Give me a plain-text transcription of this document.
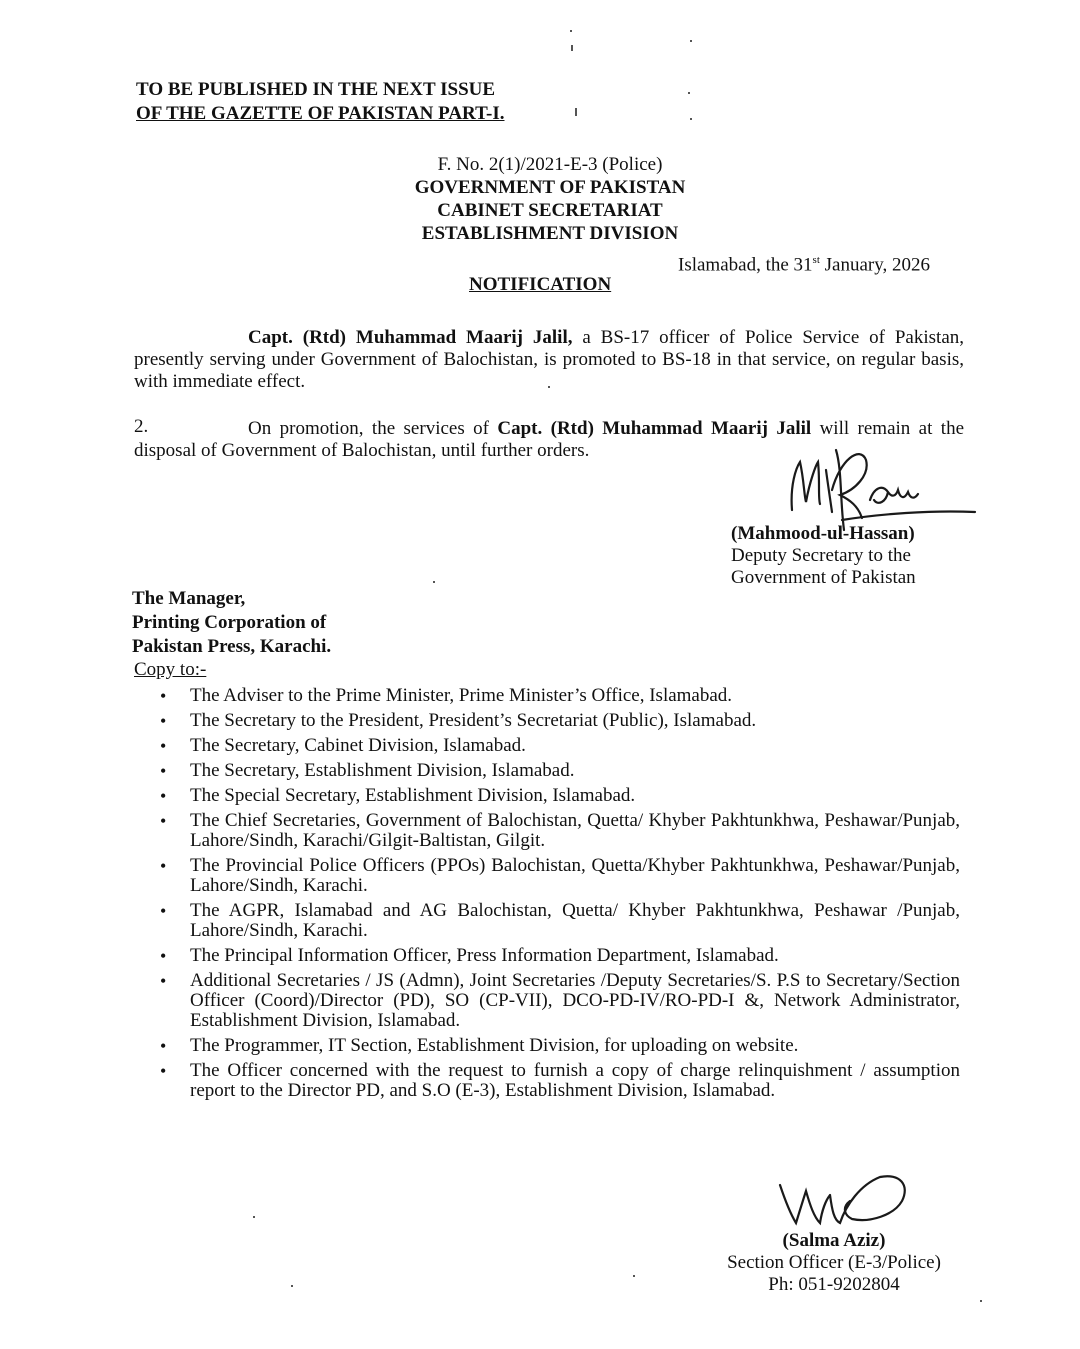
TO BE PUBLISHED IN THE NEXT ISSUE
OF THE GAZETTE OF PAKISTAN PART-I.
F. No. 2(1)/2021-E-3 (Police)
GOVERNMENT OF PAKISTAN
CABINET SECRETARIAT
ESTABLISHMENT DIVISION
Islamabad, the 31st January, 2026
NOTIFICATION
Capt. (Rtd) Muhammad Maarij Jalil, a BS-17 officer of Police Service of Pakistan, presently serving under Government of Balochistan, is promoted to BS-18 in that service, on regular basis, with immediate effect.
2.	On promotion, the services of Capt. (Rtd) Muhammad Maarij Jalil will remain at the disposal of Government of Balochistan, until further orders.
(Mahmood-ul-Hassan)
Deputy Secretary to the
Government of Pakistan
The Manager,
Printing Corporation of
Pakistan Press, Karachi.
Copy to:-
• The Adviser to the Prime Minister, Prime Minister’s Office, Islamabad.
• The Secretary to the President, President’s Secretariat (Public), Islamabad.
• The Secretary, Cabinet Division, Islamabad.
• The Secretary, Establishment Division, Islamabad.
• The Special Secretary, Establishment Division, Islamabad.
• The Chief Secretaries, Government of Balochistan, Quetta/ Khyber Pakhtunkhwa, Peshawar/Punjab, Lahore/Sindh, Karachi/Gilgit-Baltistan, Gilgit.
• The Provincial Police Officers (PPOs) Balochistan, Quetta/Khyber Pakhtunkhwa, Peshawar/Punjab, Lahore/Sindh, Karachi.
• The AGPR, Islamabad and AG Balochistan, Quetta/ Khyber Pakhtunkhwa, Peshawar /Punjab, Lahore/Sindh, Karachi.
• The Principal Information Officer, Press Information Department, Islamabad.
• Additional Secretaries / JS (Admn), Joint Secretaries /Deputy Secretaries/S. P.S to Secretary/Section Officer (Coord)/Director (PD), SO (CP-VII), DCO-PD-IV/RO-PD-I &, Network Administrator, Establishment Division, Islamabad.
• The Programmer, IT Section, Establishment Division, for uploading on website.
• The Officer concerned with the request to furnish a copy of charge relinquishment / assumption report to the Director PD, and S.O (E-3), Establishment Division, Islamabad.
(Salma Aziz)
Section Officer (E-3/Police)
Ph: 051-9202804
